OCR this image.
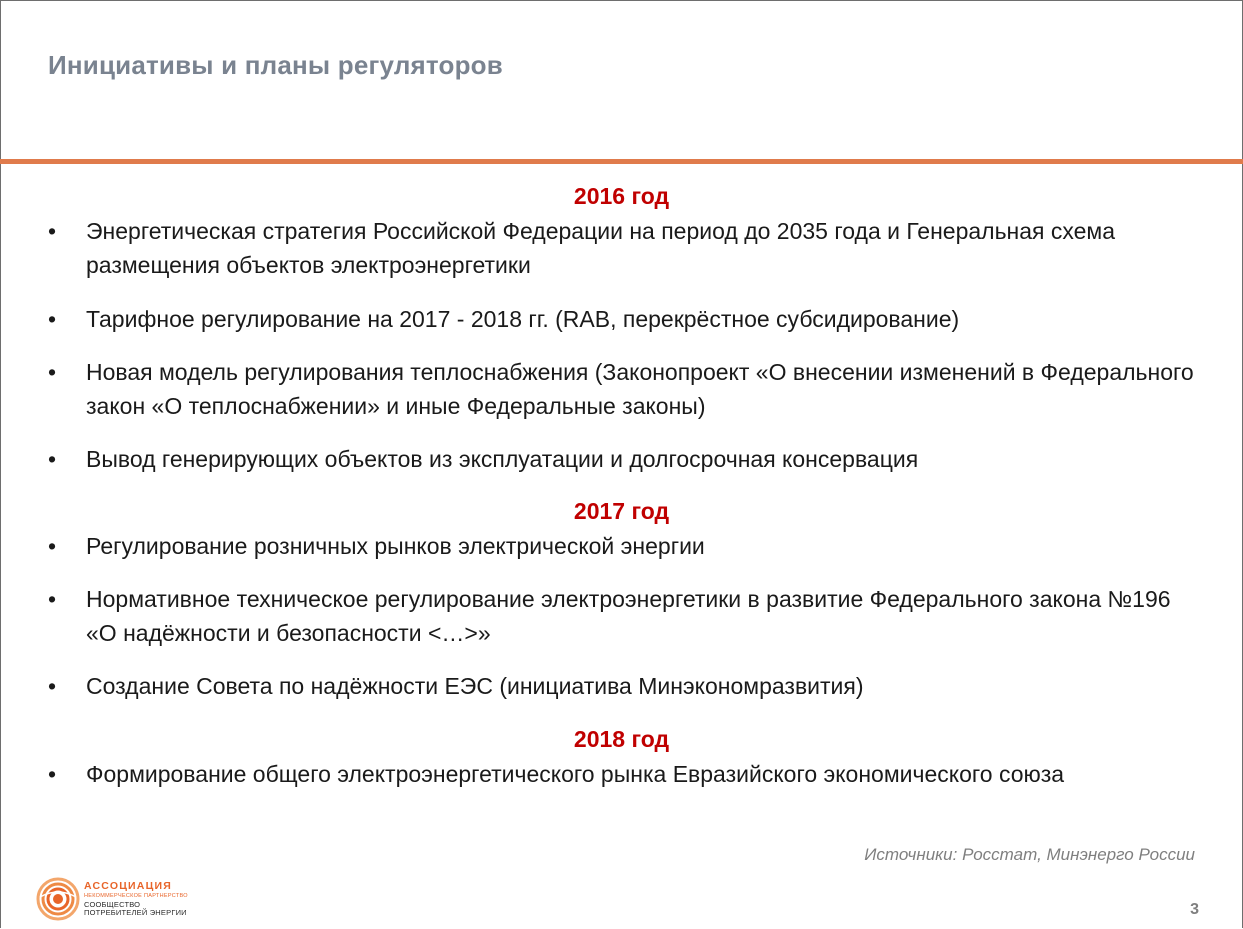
Инициативы и планы регуляторов
2016 год
•	Энергетическая стратегия Российской Федерации на период до 2035 года и Генеральная схема размещения объектов электроэнергетики
•	Тарифное регулирование на 2017 - 2018 гг. (RAB, перекрёстное субсидирование)
•	Новая модель регулирования теплоснабжения (Законопроект «О внесении изменений в Федерального закон «О теплоснабжении» и иные Федеральные законы)
•	Вывод генерирующих объектов из эксплуатации и долгосрочная консервация
2017 год
•	Регулирование розничных рынков электрической энергии
•	Нормативное техническое регулирование электроэнергетики в развитие Федерального закона №196 «О надёжности и безопасности <…>»
•	Создание Совета по надёжности ЕЭС (инициатива Минэкономразвития)
2018 год
•	Формирование общего электроэнергетического рынка Евразийского экономического союза
Источники: Росстат, Минэнерго России
3
АССОЦИАЦИЯ
НЕКОММЕРЧЕСКОЕ ПАРТНЕРСТВО
СООБЩЕСТВО
ПОТРЕБИТЕЛЕЙ ЭНЕРГИИ
